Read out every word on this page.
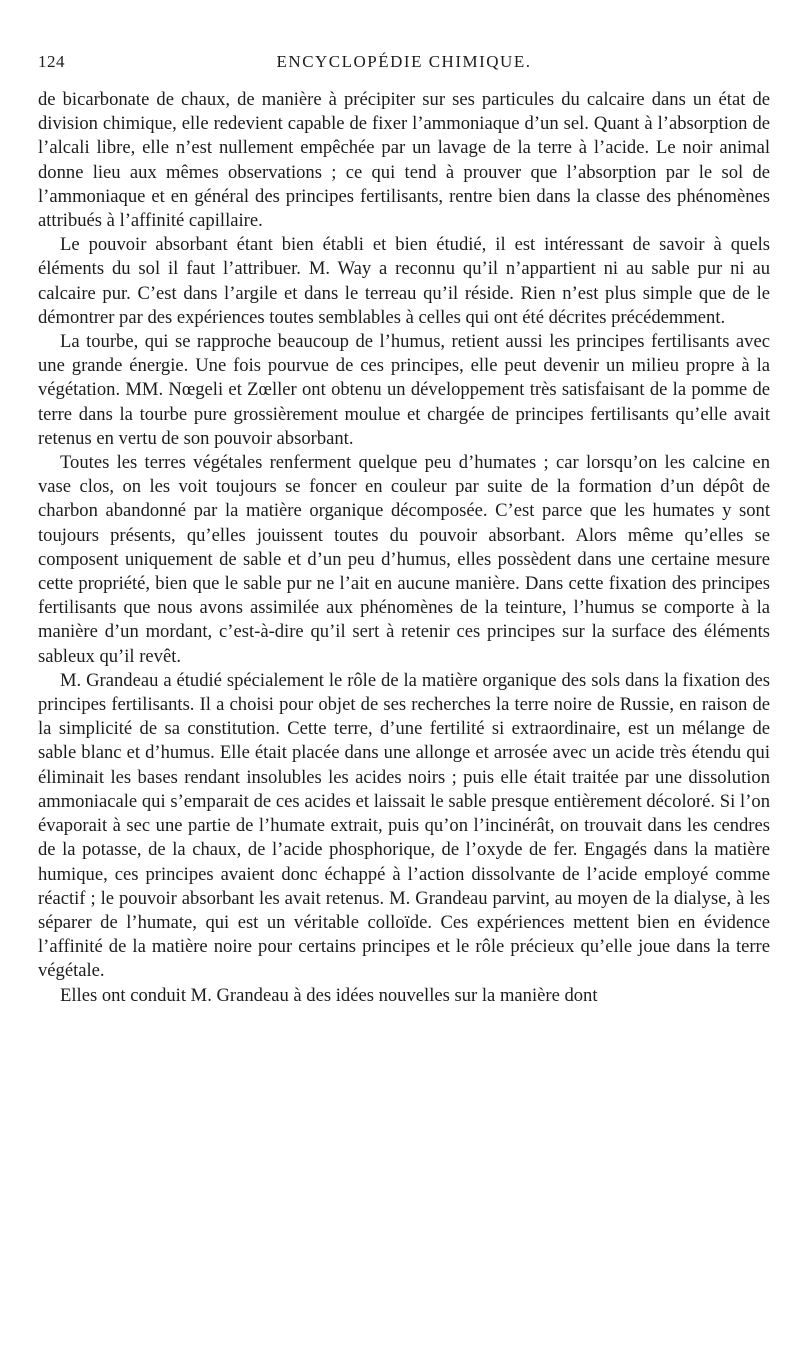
124	ENCYCLOPÉDIE CHIMIQUE.

de bicarbonate de chaux, de manière à précipiter sur ses particules du calcaire dans un état de division chimique, elle redevient capable de fixer l’ammoniaque d’un sel. Quant à l’absorption de l’alcali libre, elle n’est nullement empêchée par un lavage de la terre à l’acide. Le noir animal donne lieu aux mêmes observations ; ce qui tend à prouver que l’absorption par le sol de l’ammoniaque et en général des principes fertilisants, rentre bien dans la classe des phénomènes attribués à l’affinité capillaire.

Le pouvoir absorbant étant bien établi et bien étudié, il est intéressant de savoir à quels éléments du sol il faut l’attribuer. M. Way a reconnu qu’il n’appartient ni au sable pur ni au calcaire pur. C’est dans l’argile et dans le terreau qu’il réside. Rien n’est plus simple que de le démontrer par des expériences toutes semblables à celles qui ont été décrites précédemment.

La tourbe, qui se rapproche beaucoup de l’humus, retient aussi les principes fertilisants avec une grande énergie. Une fois pourvue de ces principes, elle peut devenir un milieu propre à la végétation. MM. Nœgeli et Zœller ont obtenu un développement très satisfaisant de la pomme de terre dans la tourbe pure grossièrement moulue et chargée de principes fertilisants qu’elle avait retenus en vertu de son pouvoir absorbant.

Toutes les terres végétales renferment quelque peu d’humates ; car lorsqu’on les calcine en vase clos, on les voit toujours se foncer en couleur par suite de la formation d’un dépôt de charbon abandonné par la matière organique décomposée. C’est parce que les humates y sont toujours présents, qu’elles jouissent toutes du pouvoir absorbant. Alors même qu’elles se composent uniquement de sable et d’un peu d’humus, elles possèdent dans une certaine mesure cette propriété, bien que le sable pur ne l’ait en aucune manière. Dans cette fixation des principes fertilisants que nous avons assimilée aux phénomènes de la teinture, l’humus se comporte à la manière d’un mordant, c’est-à-dire qu’il sert à retenir ces principes sur la surface des éléments sableux qu’il revêt.

M. Grandeau a étudié spécialement le rôle de la matière organique des sols dans la fixation des principes fertilisants. Il a choisi pour objet de ses recherches la terre noire de Russie, en raison de la simplicité de sa constitution. Cette terre, d’une fertilité si extraordinaire, est un mélange de sable blanc et d’humus. Elle était placée dans une allonge et arrosée avec un acide très étendu qui éliminait les bases rendant insolubles les acides noirs ; puis elle était traitée par une dissolution ammoniacale qui s’emparait de ces acides et laissait le sable presque entièrement décoloré. Si l’on évaporait à sec une partie de l’humate extrait, puis qu’on l’incinérât, on trouvait dans les cendres de la potasse, de la chaux, de l’acide phosphorique, de l’oxyde de fer. Engagés dans la matière humique, ces principes avaient donc échappé à l’action dissolvante de l’acide employé comme réactif ; le pouvoir absorbant les avait retenus. M. Grandeau parvint, au moyen de la dialyse, à les séparer de l’humate, qui est un véritable colloïde. Ces expériences mettent bien en évidence l’affinité de la matière noire pour certains principes et le rôle précieux qu’elle joue dans la terre végétale.

Elles ont conduit M. Grandeau à des idées nouvelles sur la manière dont
